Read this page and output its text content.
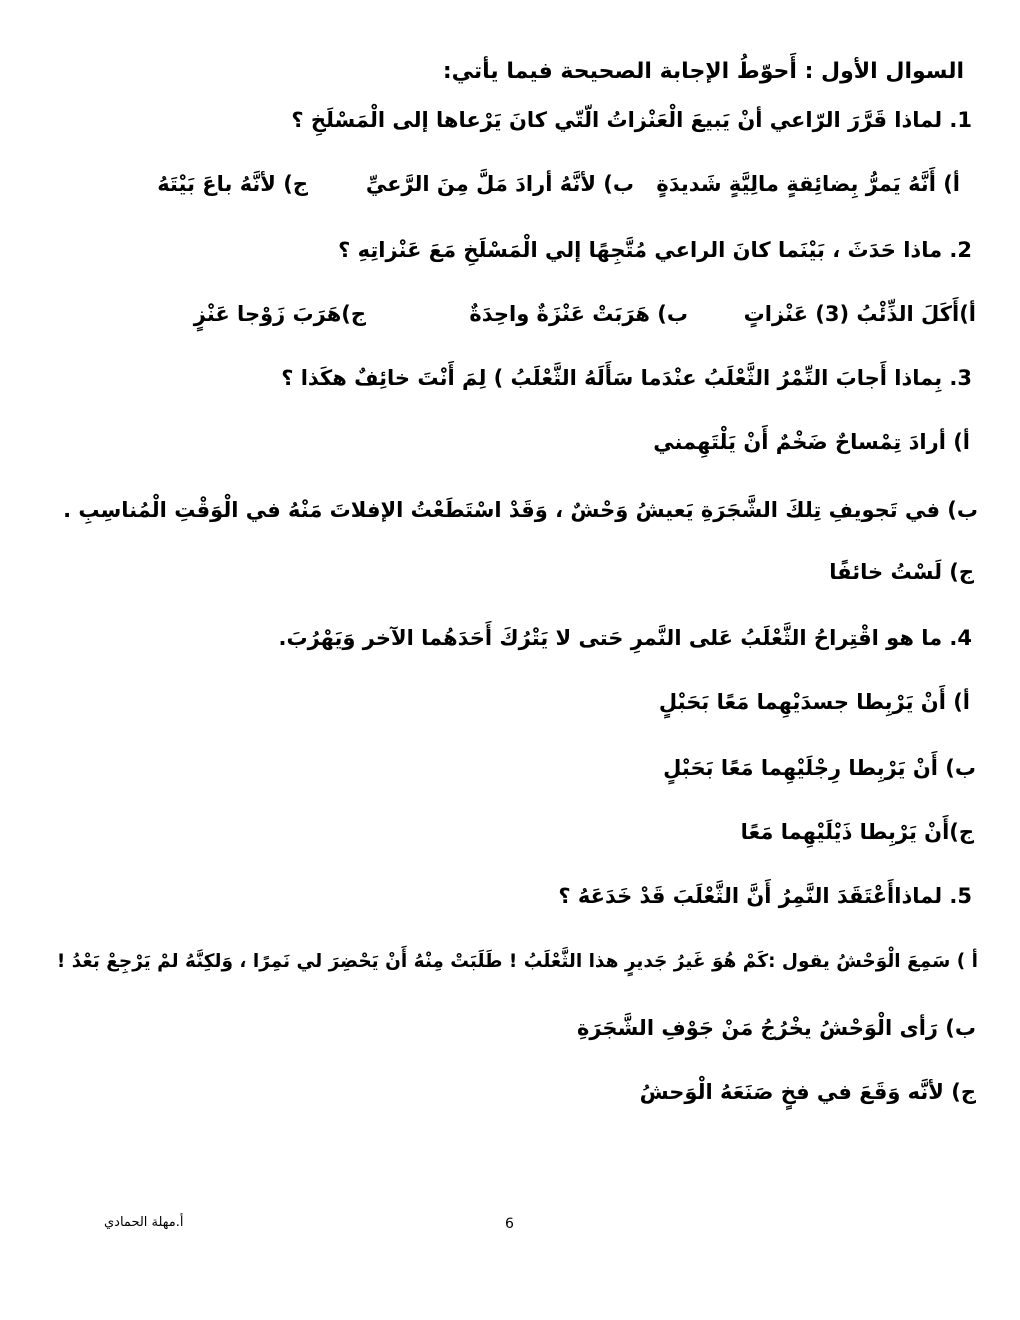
السوال الأول : أَحوّطُ الإجابة الصحيحة فيما يأتي:
1. لماذا قَرَّرَ الرّاعي أنْ يَبيعَ الْعَنْزاتُ الّتّي كانَ يَرْعاها إلى الْمَسْلَخِ ؟
أ) أَنَّهُ يَمرُّ بِضائِقةٍ مالِيَّةٍ شَديدَةٍ
ب) لأنَّهُ أرادَ مَلَّ مِنَ الرَّعيِّ
ج) لأنَّهُ باعَ بَيْتَهُ
2. ماذا حَدَثَ ، بَيْنَما كانَ الراعي مُتَّجِهًا إلي الْمَسْلَخِ مَعَ عَنْزاتِهِ ؟
أ)أَكَلَ الذِّئْبُ (3) عَنْزاتٍ
ب) هَرَبَتْ عَنْزَةٌ واحِدَةٌ
ج)هَرَبَ زَوْجا عَنْزٍ
3. بِماذا أَجابَ النِّمْرُ الثَّعْلَبُ عنْدَما سَأَلَهُ الثَّعْلَبُ ) لِمَ أَنْتَ خائِفٌ هكَذا ؟
أ) أرادَ تِمْساحٌ ضَخْمٌ أَنْ يَلْتَهِمني
ب) في تَجويفِ تِلكَ الشَّجَرَةِ يَعيشُ وَحْشٌ ، وَقَدْ اسْتَطَعْتُ الإفلاتَ مَنْهُ في الْوَقْتِ الْمُناسِبِ .
ج) لَسْتُ خائفًا
4. ما هو اقْتِراحُ الثَّعْلَبُ عَلى النَّمرِ حَتى لا يَتْرُكَ أَحَدَهُما الآخر وَيَهْرُبَ.
أ) أَنْ يَرْبِطا جسدَيْهِما مَعًا بَحَبْلٍ
ب) أَنْ يَرْبِطا رِجْلَيْهِما مَعًا بَحَبْلٍ
ج)أَنْ يَرْبِطا ذَيْلَيْهِما مَعًا
5. لماذاأَعْتَقَدَ النَّمِرُ أَنَّ الثَّعْلَبَ قَدْ خَدَعَهُ ؟
أ ) سَمِعَ الْوَحْشُ يقول :كَمْ هُوَ غَيرُ جَديرٍ هذا الثَّعْلَبُ ! طَلَبَتْ مِنْهُ أَنْ يَحْضِرَ لي نَمِرًا ، وَلكِنَّهُ لمْ يَرْجِعْ بَعْدُ !
ب) رَأى الْوَحْشُ يخْرُجُ مَنْ جَوْفِ الشَّجَرَةِ
ج) لأنَّه وَقَعَ في فخٍ صَنَعَهُ الْوَحشُ
6
أ.مهلة الحمادي
